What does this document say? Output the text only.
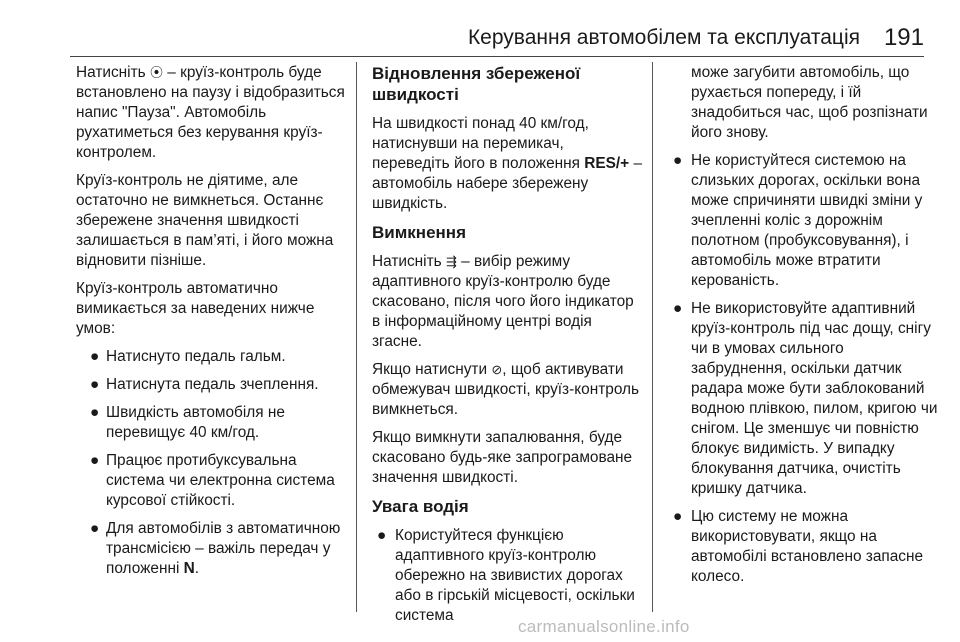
Керування автомобілем та експлуатація 191

Натисніть ⦿ – круїз-контроль буде встановлено на паузу і відобразиться напис "Пауза". Автомобіль рухатиметься без керування круїз-контролем.

Круїз-контроль не діятиме, але остаточно не вимкнеться. Останнє збережене значення швидкості залишається в пам’яті, і його можна відновити пізніше.

Круїз-контроль автоматично вимикається за наведених нижче умов:

● Натиснуто педаль гальм.
● Натиснута педаль зчеплення.
● Швидкість автомобіля не перевищує 40 км/год.
● Працює протибуксувальна система чи електронна система курсової стійкості.
● Для автомобілів з автоматичною трансмісією – важіль передач у положенні N.
Відновлення збереженої швидкості

На швидкості понад 40 км/год, натиснувши на перемикач, переведіть його в положення RES/+ – автомобіль набере збережену швидкість.

Вимкнення

Натисніть ⇶ – вибір режиму адаптивного круїз-контролю буде скасовано, після чого його індикатор в інформаційному центрі водія згасне.

Якщо натиснути ⊘, щоб активувати обмежувач швидкості, круїз-контроль вимкнеться.

Якщо вимкнути запалювання, буде скасовано будь-яке запрограмоване значення швидкості.

Увага водія
● Користуйтеся функцією адаптивного круїз-контролю обережно на звивистих дорогах або в гірській місцевості, оскільки система

може загубити автомобіль, що рухається попереду, і їй знадобиться час, щоб розпізнати його знову.

● Не користуйтеся системою на слизьких дорогах, оскільки вона може спричиняти швидкі зміни у зчепленні коліс з дорожнім полотном (пробуксовування), і автомобіль може втратити керованість.
● Не використовуйте адаптивний круїз-контроль під час дощу, снігу чи в умовах сильного забруднення, оскільки датчик радара може бути заблокований водною плівкою, пилом, кригою чи снігом. Це зменшує чи повністю блокує видимість. У випадку блокування датчика, очистіть кришку датчика.
● Цю систему не можна використовувати, якщо на автомобілі встановлено запасне колесо.
carmanualsonline.info
